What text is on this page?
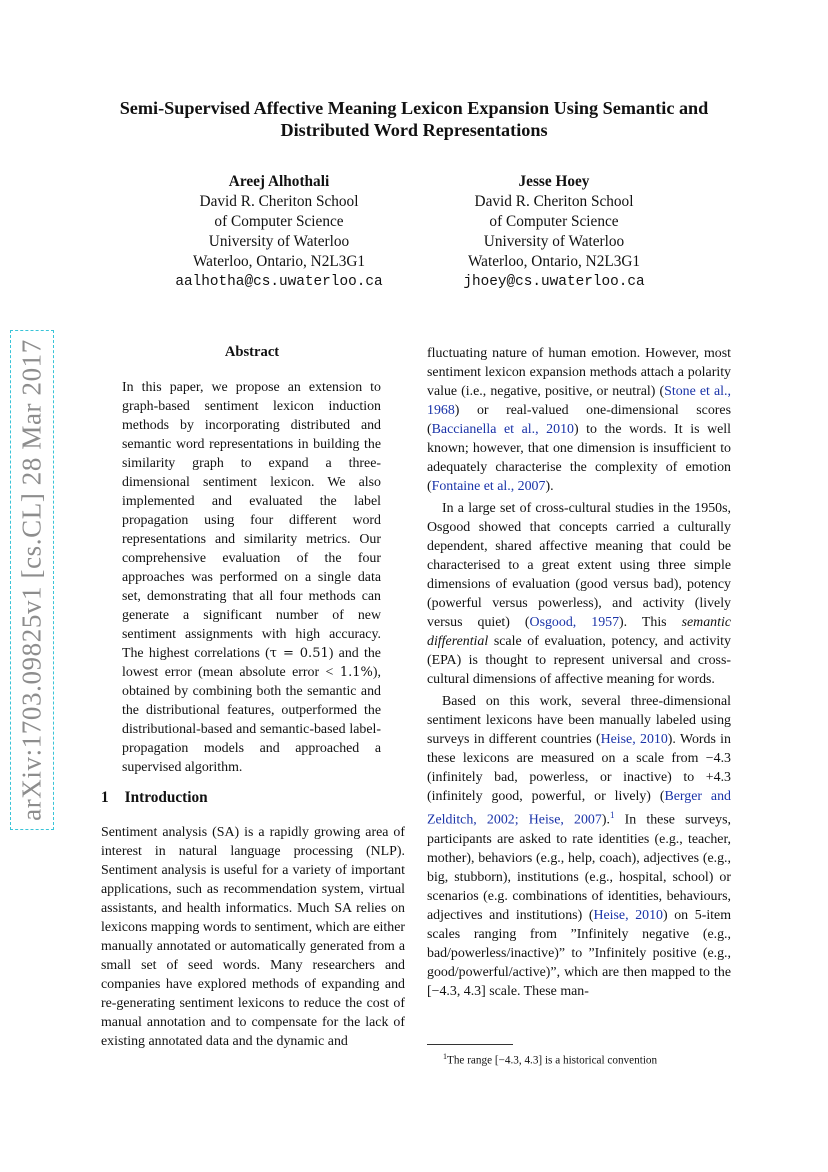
Semi-Supervised Affective Meaning Lexicon Expansion Using Semantic and Distributed Word Representations
Areej Alhothali
David R. Cheriton School
of Computer Science
University of Waterloo
Waterloo, Ontario, N2L3G1
aalhotha@cs.uwaterloo.ca
Jesse Hoey
David R. Cheriton School
of Computer Science
University of Waterloo
Waterloo, Ontario, N2L3G1
jhoey@cs.uwaterloo.ca
arXiv:1703.09825v1 [cs.CL] 28 Mar 2017	Abstract

In this paper, we propose an extension to graph-based sentiment lexicon induction methods by incorporating distributed and semantic word representations in building the similarity graph to expand a three-dimensional sentiment lexicon. We also implemented and evaluated the label propagation using four different word representations and similarity metrics. Our comprehensive evaluation of the four approaches was performed on a single data set, demonstrating that all four methods can generate a significant number of new sentiment assignments with high accuracy. The highest correlations (τ = 0.51) and the lowest error (mean absolute error < 1.1%), obtained by combining both the semantic and the distributional features, outperformed the distributional-based and semantic-based label-propagation models and approached a supervised algorithm.

1 Introduction

Sentiment analysis (SA) is a rapidly growing area of interest in natural language processing (NLP). Sentiment analysis is useful for a variety of important applications, such as recommendation system, virtual assistants, and health informatics. Much SA relies on lexicons mapping words to sentiment, which are either manually annotated or automatically generated from a small set of seed words. Many researchers and companies have explored methods of expanding and re-generating sentiment lexicons to reduce the cost of manual annotation and to compensate for the lack of existing annotated data and the dynamic and

fluctuating nature of human emotion. However, most sentiment lexicon expansion methods attach a polarity value (i.e., negative, positive, or neutral) (Stone et al., 1968) or real-valued one-dimensional scores (Baccianella et al., 2010) to the words. It is well known; however, that one dimension is insufficient to adequately characterise the complexity of emotion (Fontaine et al., 2007).

In a large set of cross-cultural studies in the 1950s, Osgood showed that concepts carried a culturally dependent, shared affective meaning that could be characterised to a great extent using three simple dimensions of evaluation (good versus bad), potency (powerful versus powerless), and activity (lively versus quiet) (Osgood, 1957). This semantic differential scale of evaluation, potency, and activity (EPA) is thought to represent universal and cross-cultural dimensions of affective meaning for words.

Based on this work, several three-dimensional sentiment lexicons have been manually labeled using surveys in different countries (Heise, 2010). Words in these lexicons are measured on a scale from −4.3 (infinitely bad, powerless, or inactive) to +4.3 (infinitely good, powerful, or lively) (Berger and Zelditch, 2002; Heise, 2007).$^1$ In these surveys, participants are asked to rate identities (e.g., teacher, mother), behaviors (e.g., help, coach), adjectives (e.g., big, stubborn), institutions (e.g., hospital, school) or scenarios (e.g. combinations of identities, behaviours, adjectives and institutions) (Heise, 2010) on 5-item scales ranging from ”Infinitely negative (e.g., bad/powerless/inactive)” to ”Infinitely positive (e.g., good/powerful/active)”, which are then mapped to the [−4.3, 4.3] scale. These man-

$^1$The range [−4.3, 4.3] is a historical convention
